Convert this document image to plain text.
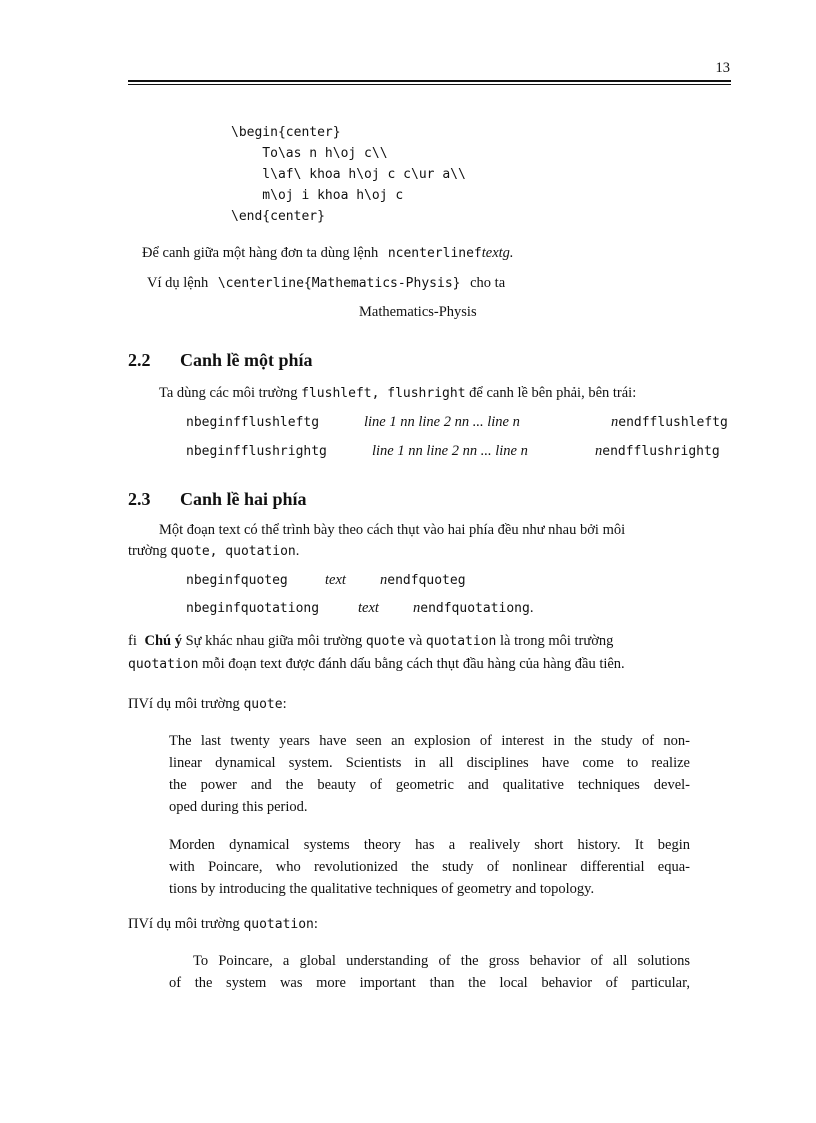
13
\begin{center}
To\as n h\oj c\\
l\af\ khoa h\oj c c\ur a\\
m\oj i khoa h\oj c
\end{center}
Để canh giữa một hàng đơn ta dùng lệnh ncenterlineftextg.
Ví dụ lệnh \centerline{Mathematics-Physis} cho ta
Mathematics-Physis
2.2 Canh lề một phía
Ta dùng các môi trường flushleft, flushright để canh lề bên phải, bên trái:
nbeginfflushleftg	line 1 nn line 2 nn ... line n	nendfflushleftg
nbeginfflushrightg	line 1 nn line 2 nn ... line n	nendfflushrightg
2.3 Canh lề hai phía
Một đoạn text có thể trình bày theo cách thụt vào hai phía đều như nhau bởi môi
trường quote, quotation.
nbeginfquoteg	text nendfquoteg
nbeginfquotationg	text nendfquotationg.
fi Chú ý Sự khác nhau giữa môi trường quote và quotation là trong môi trường
quotation mỗi đoạn text được đánh dấu bằng cách thụt đầu hàng của hàng đầu tiên.
ΠVí dụ môi trường quote:
The last twenty years have seen an explosion of interest in the study of non-
linear dynamical system. Scientists in all disciplines have come to realize
the power and the beauty of geometric and qualitative techniques devel-
oped during this period.
Morden dynamical systems theory has a realively short history. It begin
with Poincare, who revolutionized the study of nonlinear differential equa-
tions by introducing the qualitative techniques of geometry and topology.
ΠVí dụ môi trường quotation:
To Poincare, a global understanding of the gross behavior of all solutions
of the system was more important than the local behavior of particular,
